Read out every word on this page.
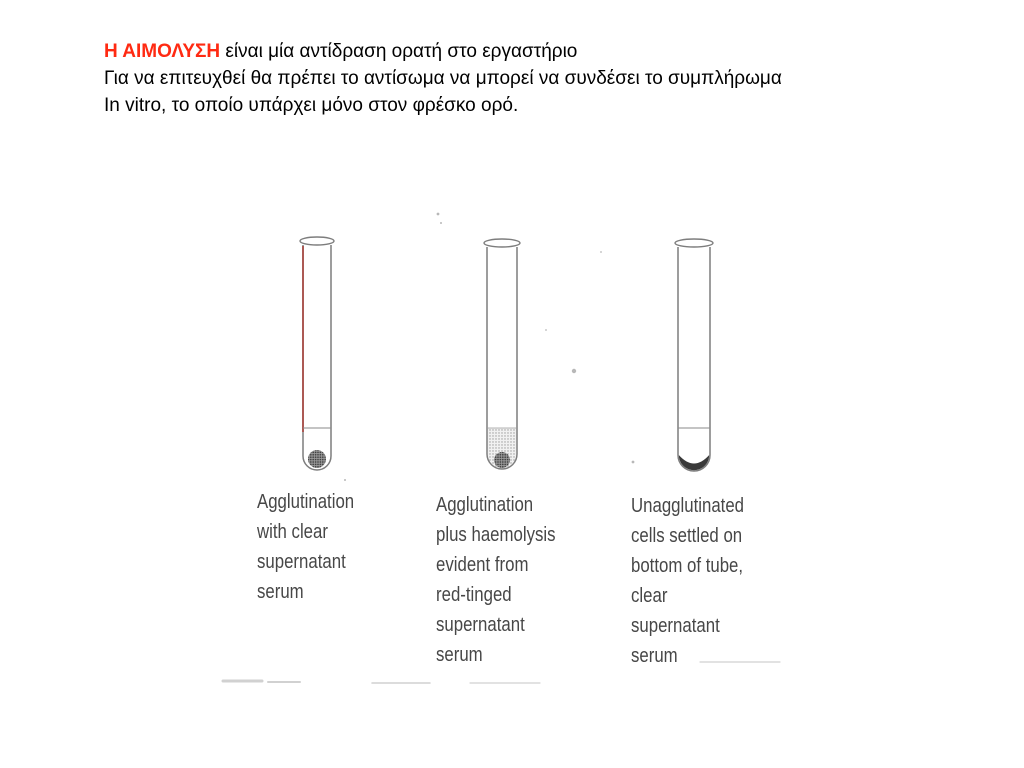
Η ΑΙΜΟΛΥΣΗ είναι μία αντίδραση ορατή στο εργαστήριο
Για να επιτευχθεί θα πρέπει το αντίσωμα να μπορεί να συνδέσει το συμπλήρωμα
In vitro, το οποίο υπάρχει μόνο στον φρέσκο ορό.
Agglutination
with clear
supernatant
serum
Agglutination
plus haemolysis
evident from
red-tinged
supernatant
serum
Unagglutinated
cells settled on
bottom of tube,
clear
supernatant
serum
